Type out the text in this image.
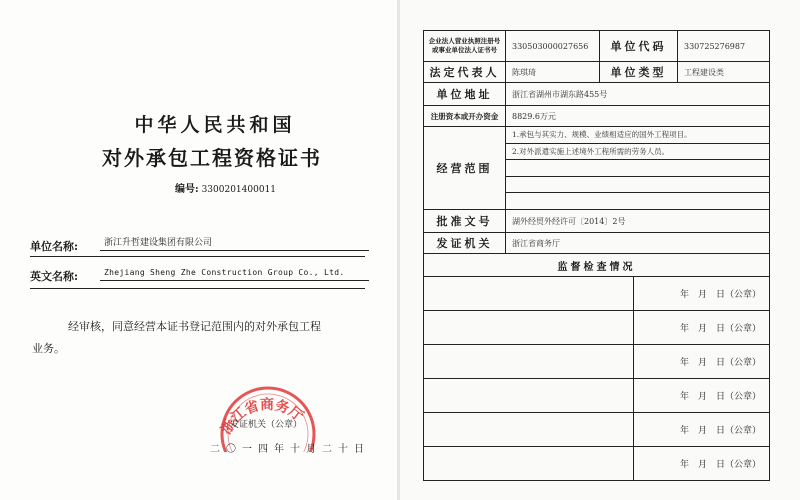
中华人民共和国
对外承包工程资格证书
编号: 3300201400011
单位名称:	浙江升哲建设集团有限公司
英文名称:	Zhejiang Sheng Zhe Construction Group Co., Ltd.
经审核，同意经营本证书登记范围内的对外承包工程
业务。
浙江省商务厅
发证机关（公章）
二〇一四年十月二十日
企业法人营业执照注册号
或事业单位法人证书号	330503000027656	单位代码	330725276987
法定代表人	陈琪琦	单位类型	工程建设类
单位地址	浙江省湖州市湖东路455号
注册资本或开办资金	8829.6万元
经营范围
1.承包与其实力、规模、业绩相适应的国外工程项目。
2.对外派遣实施上述境外工程所需的劳务人员。
批准文号	湖外经贸外经许可〔2014〕2号
发证机关	浙江省商务厅
监督检查情况
年　月　日（公章）
年　月　日（公章）
年　月　日（公章）
年　月　日（公章）
年　月　日（公章）
年　月　日（公章）
